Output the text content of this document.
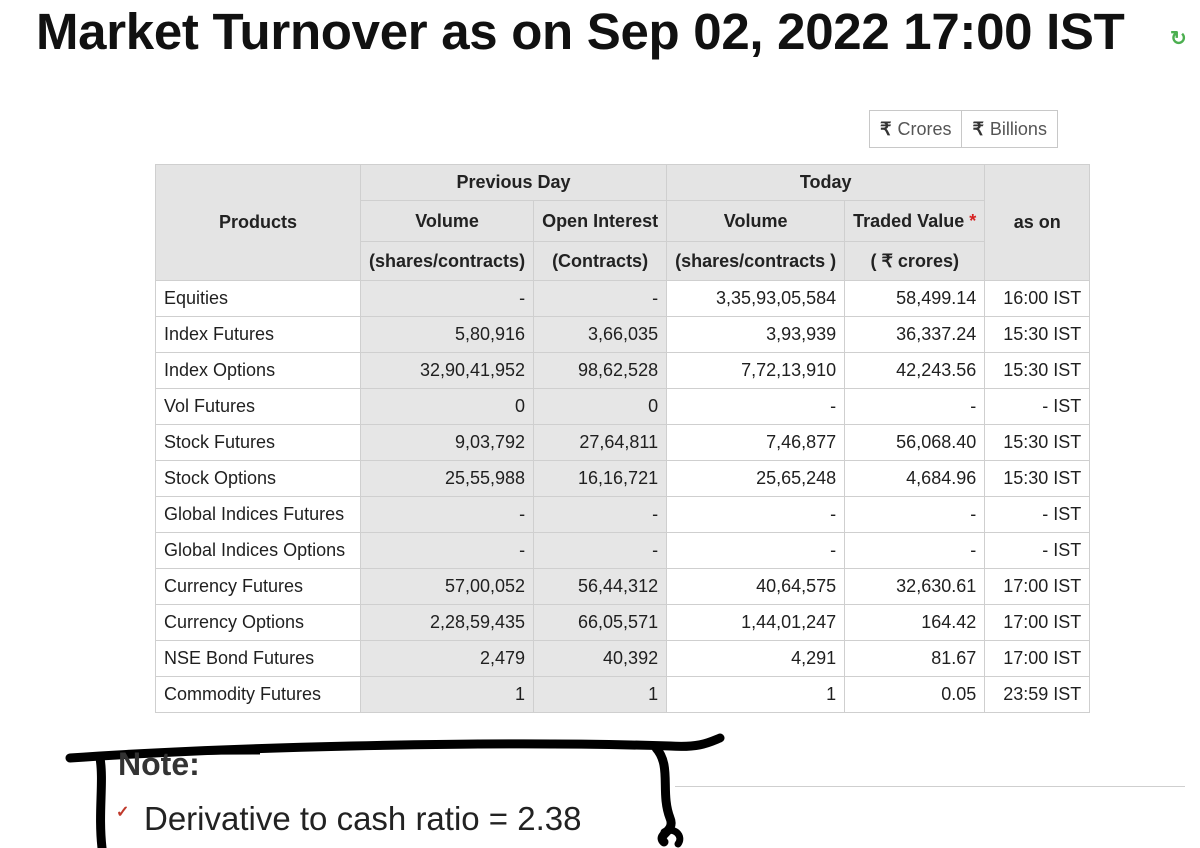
Market Turnover as on Sep 02, 2022 17:00 IST ↻
₹ Crores ₹ Billions
Products	Previous Day		Today		as on
	Volume	Open Interest	Volume	Traded Value *	
	(shares/contracts)	(Contracts)	(shares/contracts )	( ₹ crores)	
Equities	-	-	3,35,93,05,584	58,499.14	16:00 IST
Index Futures	5,80,916	3,66,035	3,93,939	36,337.24	15:30 IST
Index Options	32,90,41,952	98,62,528	7,72,13,910	42,243.56	15:30 IST
Vol Futures	0	0	-	-	- IST
Stock Futures	9,03,792	27,64,811	7,46,877	56,068.40	15:30 IST
Stock Options	25,55,988	16,16,721	25,65,248	4,684.96	15:30 IST
Global Indices Futures	-	-	-	-	- IST
Global Indices Options	-	-	-	-	- IST
Currency Futures	57,00,052	56,44,312	40,64,575	32,630.61	17:00 IST
Currency Options	2,28,59,435	66,05,571	1,44,01,247	164.42	17:00 IST
NSE Bond Futures	2,479	40,392	4,291	81.67	17:00 IST
Commodity Futures	1	1	1	0.05	23:59 IST
Note:
✓ Derivative to cash ratio = 2.38
